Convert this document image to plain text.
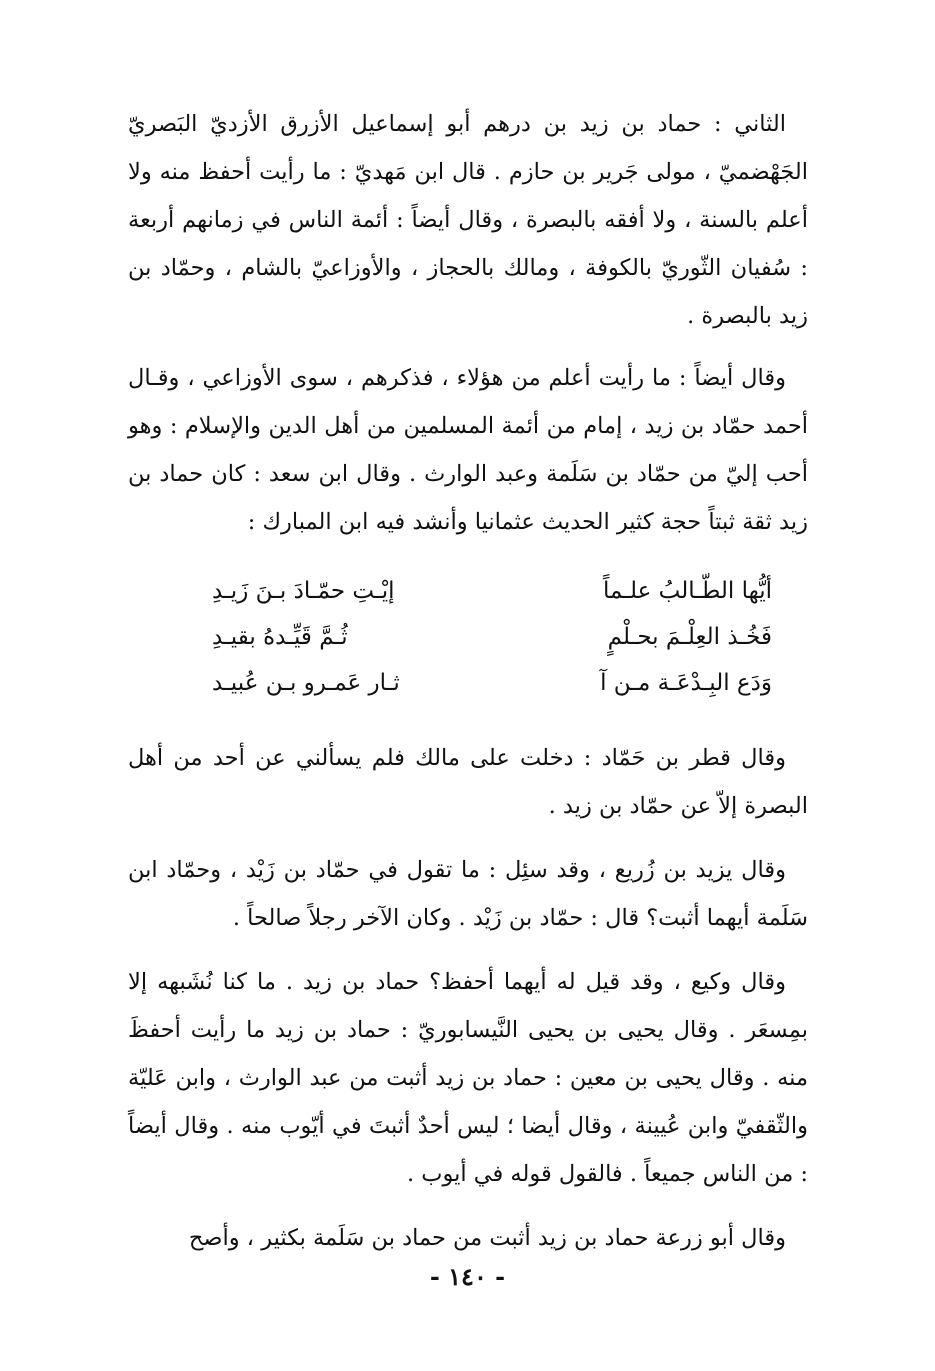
الثاني : حماد بن زيد بن درهم أبو إسماعيل الأزرق الأزديّ البَصريّ الجَهْضميّ ، مولى جَرير بن حازم . قال ابن مَهديّ : ما رأيت أحفظ منه ولا أعلم بالسنة ، ولا أفقه بالبصرة ، وقال أيضاً : أئمة الناس في زمانهم أربعة : سُفيان الثّوريّ بالكوفة ، ومالك بالحجاز ، والأوزاعيّ بالشام ، وحمّاد بن زيد بالبصرة .

وقال أيضاً : ما رأيت أعلم من هؤلاء ، فذكرهم ، سوى الأوزاعي ، وقـال أحمد حمّاد بن زيد ، إمام من أئمة المسلمين من أهل الدين والإسلام : وهو أحب إليّ من حمّاد بن سَلَمة وعبد الوارث . وقال ابن سعد : كان حماد بن زيد ثقة ثبتاً حجة كثير الحديث عثمانيا وأنشد فيه ابن المبارك :

أيُّها الطّـالبُ علـماً
إيْـتِ حمّـادَ بـنَ زَيـدِ
فَخُـذ العِلْـمَ بحـلْمٍ
ثُـمَّ قَيِّـدهُ بقيـدِ
وَدَع البِـدْعَـة مـن آ
ثـار عَمـرو بـن عُبيـد

وقال قطر بن حَمّاد : دخلت على مالك فلم يسألني عن أحد من أهل البصرة إلاّ عن حمّاد بن زيد .

وقال يزيد بن زُريع ، وقد سئِل : ما تقول في حمّاد بن زَيْد ، وحمّاد ابن سَلَمة أيهما أثبت؟ قال : حمّاد بن زَيْد . وكان الآخر رجلاً صالحاً .

وقال وكيع ، وقد قيل له أيهما أحفظ؟ حماد بن زيد . ما كنا نُشَبهه إلا بمِسعَر . وقال يحيى بن يحيى النَّيسابوريّ : حماد بن زيد ما رأيت أحفظَ منه . وقال يحيى بن معين : حماد بن زيد أثبت من عبد الوارث ، وابن عَليّة والثّقفيّ وابن عُيينة ، وقال أيضا ؛ ليس أحدٌ أثبتَ في أيّوب منه . وقال أيضاً : من الناس جميعاً . فالقول قوله في أيوب .

وقال أبو زرعة حماد بن زيد أثبت من حماد بن سَلَمة بكثير ، وأصح

- ١٤٠ -
